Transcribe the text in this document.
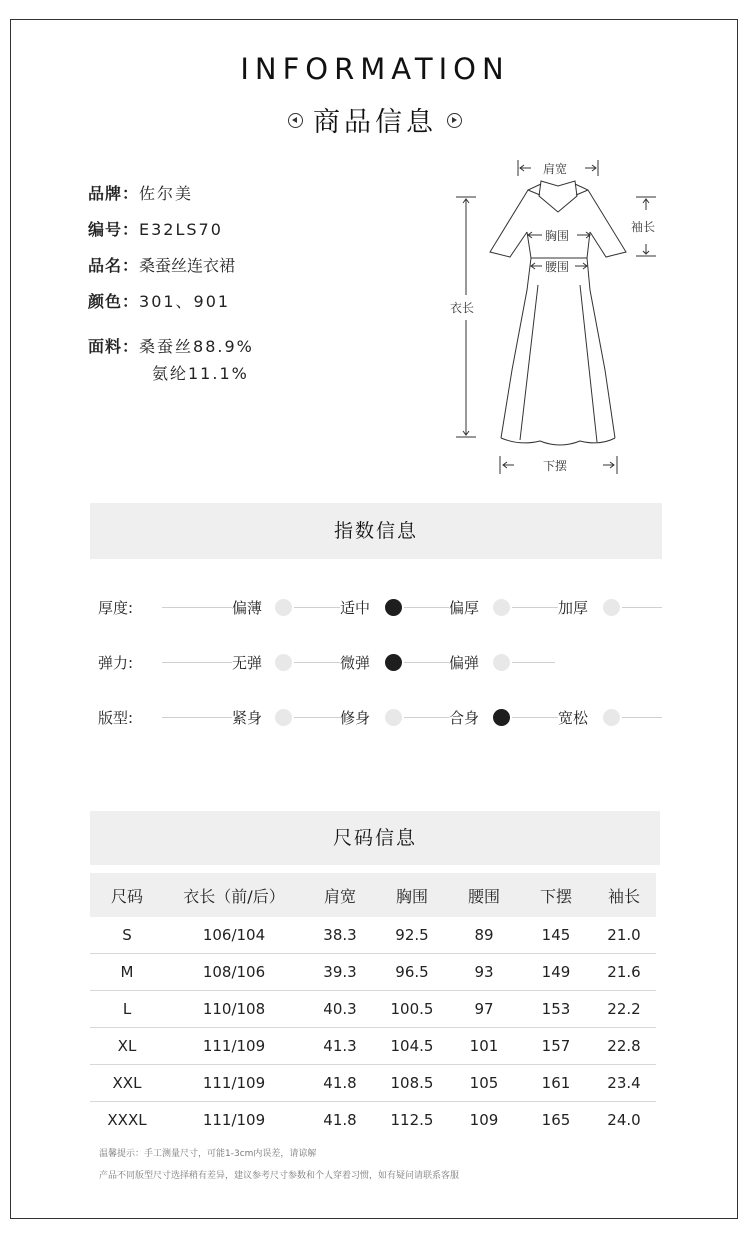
INFORMATION
商品信息
品牌：佐尔美
编号：E32LS70
品名：桑蚕丝连衣裙
颜色：301、901
面料：桑蚕丝88.9%
氨纶11.1%
肩宽
袖长
胸围
腰围
衣长
下摆
指数信息
厚度:	偏薄	适中	偏厚	加厚
弹力:	无弹	微弹	偏弹
版型:	紧身	修身	合身	宽松
尺码信息
尺码	衣长（前/后）	肩宽	胸围	腰围	下摆	袖长
S	106/104	38.3	92.5	89	145	21.0
M	108/106	39.3	96.5	93	149	21.6
L	110/108	40.3	100.5	97	153	22.2
XL	111/109	41.3	104.5	101	157	22.8
XXL	111/109	41.8	108.5	105	161	23.4
XXXL	111/109	41.8	112.5	109	165	24.0
温馨提示：手工测量尺寸，可能1-3cm内误差，请谅解
产品不同版型尺寸选择稍有差异，建议参考尺寸参数和个人穿着习惯，如有疑问请联系客服
